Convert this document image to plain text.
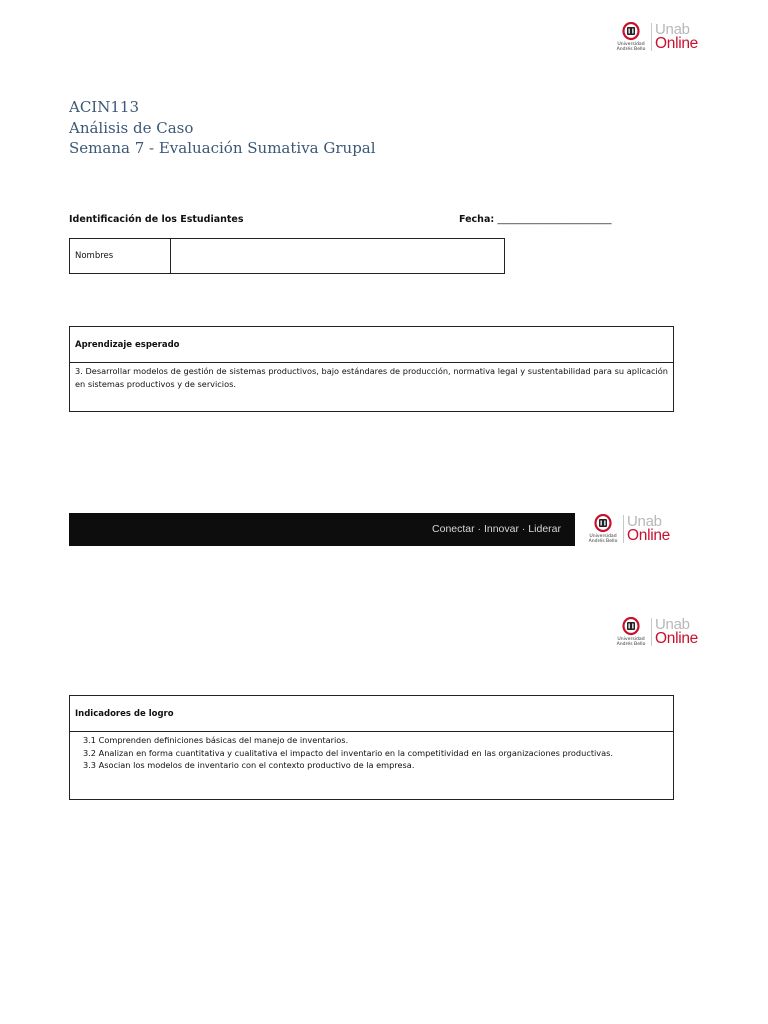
Universidad
Andrés Bello
Unab
Online
ACIN113
Análisis de Caso
Semana 7 - Evaluación Sumativa Grupal
Identificación de los Estudiantes	Fecha: ________________________
Nombres	
Aprendizaje esperado
3. Desarrollar modelos de gestión de sistemas productivos, bajo estándares de producción, normativa legal y sustentabilidad para su aplicación en sistemas productivos y de servicios.
Conectar · Innovar · Liderar
Universidad
Andrés Bello
Unab
Online
Universidad
Andrés Bello
Unab
Online
Indicadores de logro
3.1 Comprenden definiciones básicas del manejo de inventarios.
3.2 Analizan en forma cuantitativa y cualitativa el impacto del inventario en la competitividad en las organizaciones productivas.
3.3 Asocian los modelos de inventario con el contexto productivo de la empresa.
